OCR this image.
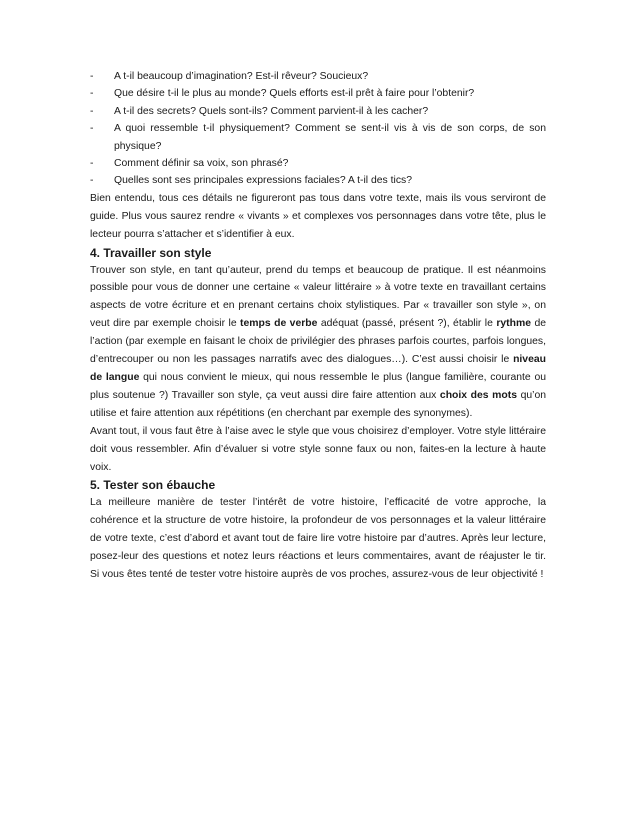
- A t-il beaucoup d’imagination? Est-il rêveur? Soucieux?
- Que désire t-il le plus au monde? Quels efforts est-il prêt à faire pour l’obtenir?
- A t-il des secrets? Quels sont-ils? Comment parvient-il à les cacher?
- A quoi ressemble t-il physiquement? Comment se sent-il vis à vis de son corps, de son physique?
- Comment définir sa voix, son phrasé?
- Quelles sont ses principales expressions faciales? A t-il des tics?

Bien entendu, tous ces détails ne figureront pas tous dans votre texte, mais ils vous serviront de guide. Plus vous saurez rendre « vivants » et complexes vos personnages dans votre tête, plus le lecteur pourra s’attacher et s’identifier à eux.

4. Travailler son style

Trouver son style, en tant qu’auteur, prend du temps et beaucoup de pratique. Il est néanmoins possible pour vous de donner une certaine « valeur littéraire » à votre texte en travaillant certains aspects de votre écriture et en prenant certains choix stylistiques. Par « travailler son style », on veut dire par exemple choisir le temps de verbe adéquat (passé, présent ?), établir le rythme de l’action (par exemple en faisant le choix de privilégier des phrases parfois courtes, parfois longues, d’entrecouper ou non les passages narratifs avec des dialogues…). C’est aussi choisir le niveau de langue qui nous convient le mieux, qui nous ressemble le plus (langue familière, courante ou plus soutenue ?) Travailler son style, ça veut aussi dire faire attention aux choix des mots qu’on utilise et faire attention aux répétitions (en cherchant par exemple des synonymes).

Avant tout, il vous faut être à l’aise avec le style que vous choisirez d’employer. Votre style littéraire doit vous ressembler. Afin d’évaluer si votre style sonne faux ou non, faites-en la lecture à haute voix.

5. Tester son ébauche

La meilleure manière de tester l’intérêt de votre histoire, l’efficacité de votre approche, la cohérence et la structure de votre histoire, la profondeur de vos personnages et la valeur littéraire de votre texte, c’est d’abord et avant tout de faire lire votre histoire par d’autres. Après leur lecture, posez-leur des questions et notez leurs réactions et leurs commentaires, avant de réajuster le tir. Si vous êtes tenté de tester votre histoire auprès de vos proches, assurez-vous de leur objectivité !
